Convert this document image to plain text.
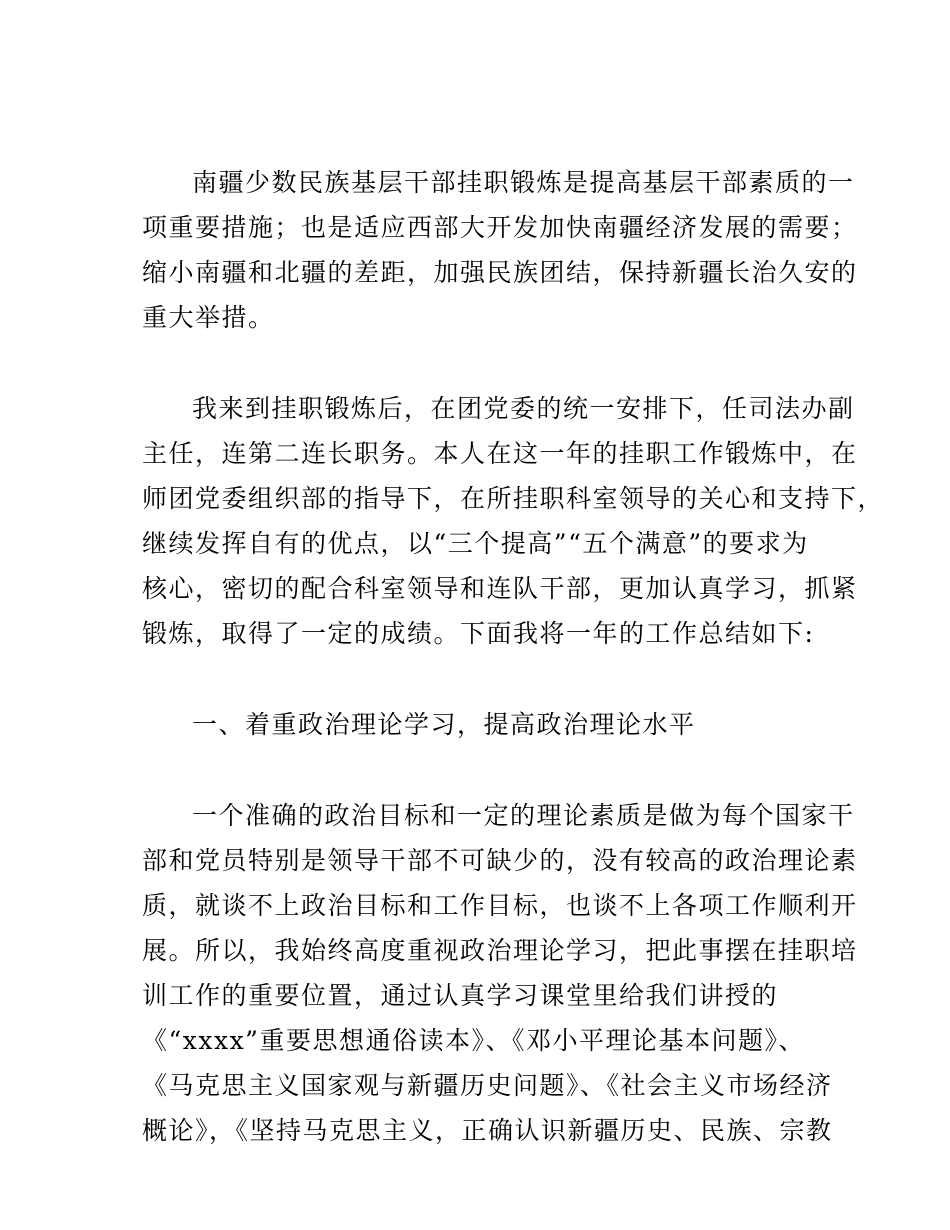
南疆少数民族基层干部挂职锻炼是提高基层干部素质的一
项重要措施；也是适应西部大开发加快南疆经济发展的需要；
缩小南疆和北疆的差距，加强民族团结，保持新疆长治久安的
重大举措。
我来到挂职锻炼后，在团党委的统一安排下，任司法办副
主任，连第二连长职务。本人在这一年的挂职工作锻炼中，在
师团党委组织部的指导下，在所挂职科室领导的关心和支持下，
继续发挥自有的优点，以“三个提高”“五个满意”的要求为
核心，密切的配合科室领导和连队干部，更加认真学习，抓紧
锻炼，取得了一定的成绩。下面我将一年的工作总结如下:
一、着重政治理论学习，提高政治理论水平
一个准确的政治目标和一定的理论素质是做为每个国家干
部和党员特别是领导干部不可缺少的，没有较高的政治理论素
质，就谈不上政治目标和工作目标，也谈不上各项工作顺利开
展。所以，我始终高度重视政治理论学习，把此事摆在挂职培
训工作的重要位置，通过认真学习课堂里给我们讲授的
《“xxxx”重要思想通俗读本》、《邓小平理论基本问题》、
《马克思主义国家观与新疆历史问题》、《社会主义市场经济
概论》，《坚持马克思主义，正确认识新疆历史、民族、宗教
